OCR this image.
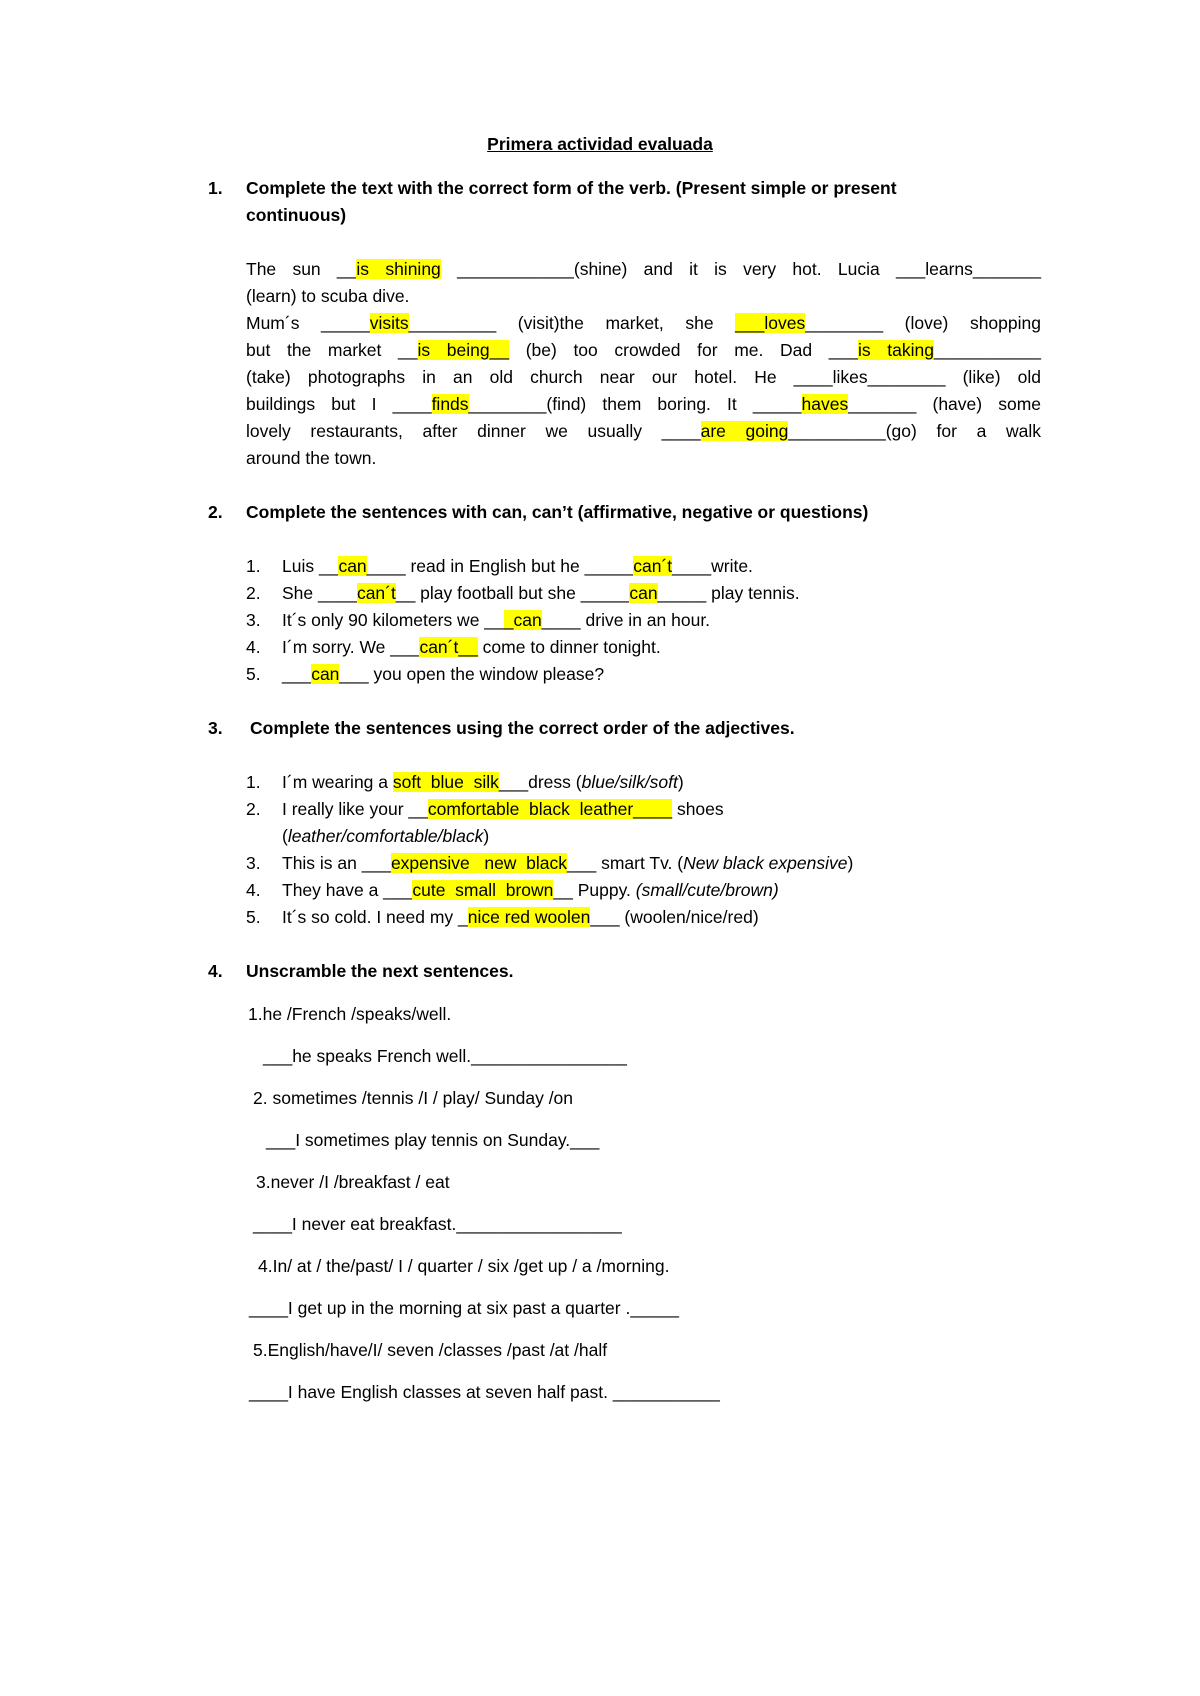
Primera actividad evaluada
1. Complete the text with the correct form of the verb. (Present simple or present
continuous)
The sun __is shining ____________(shine) and it is very hot. Lucia ___learns_______
(learn) to scuba dive.
Mum´s _____visits_________ (visit)the market, she ___loves________ (love) shopping
but the market __is being__ (be) too crowded for me. Dad ___is taking___________
(take) photographs in an old church near our hotel. He ____likes________ (like) old
buildings but I ____finds________(find) them boring. It _____haves_______ (have) some
lovely restaurants, after dinner we usually ____are going__________(go) for a walk
around the town.
2. Complete the sentences with can, can’t (affirmative, negative or questions)
1. Luis __can____ read in English but he _____can´t____write.
2. She ____can´t__ play football but she _____can_____ play tennis.
3. It´s only 90 kilometers we ___can____ drive in an hour.
4. I´m sorry. We ___can´t__ come to dinner tonight.
5. ___can___ you open the window please?
3. Complete the sentences using the correct order of the adjectives.
1. I´m wearing a soft  blue  silk___dress (blue/silk/soft)
2. I really like your __comfortable  black  leather____ shoes
(leather/comfortable/black)
3. This is an ___expensive   new  black___ smart Tv. (New black expensive)
4. They have a ___cute  small  brown__ Puppy. (small/cute/brown)
5. It´s so cold. I need my _nice red woolen___ (woolen/nice/red)
4. Unscramble the next sentences.
1.he /French /speaks/well.
___he speaks French well.________________
2. sometimes /tennis /I / play/ Sunday /on
___I sometimes play tennis on Sunday.___
3.never /I /breakfast / eat
____I never eat breakfast._________________
4.In/ at / the/past/ I / quarter / six /get up / a /morning.
____I get up in the morning at six past a quarter ._____
5.English/have/I/ seven /classes /past /at /half
____I have English classes at seven half past. ___________
